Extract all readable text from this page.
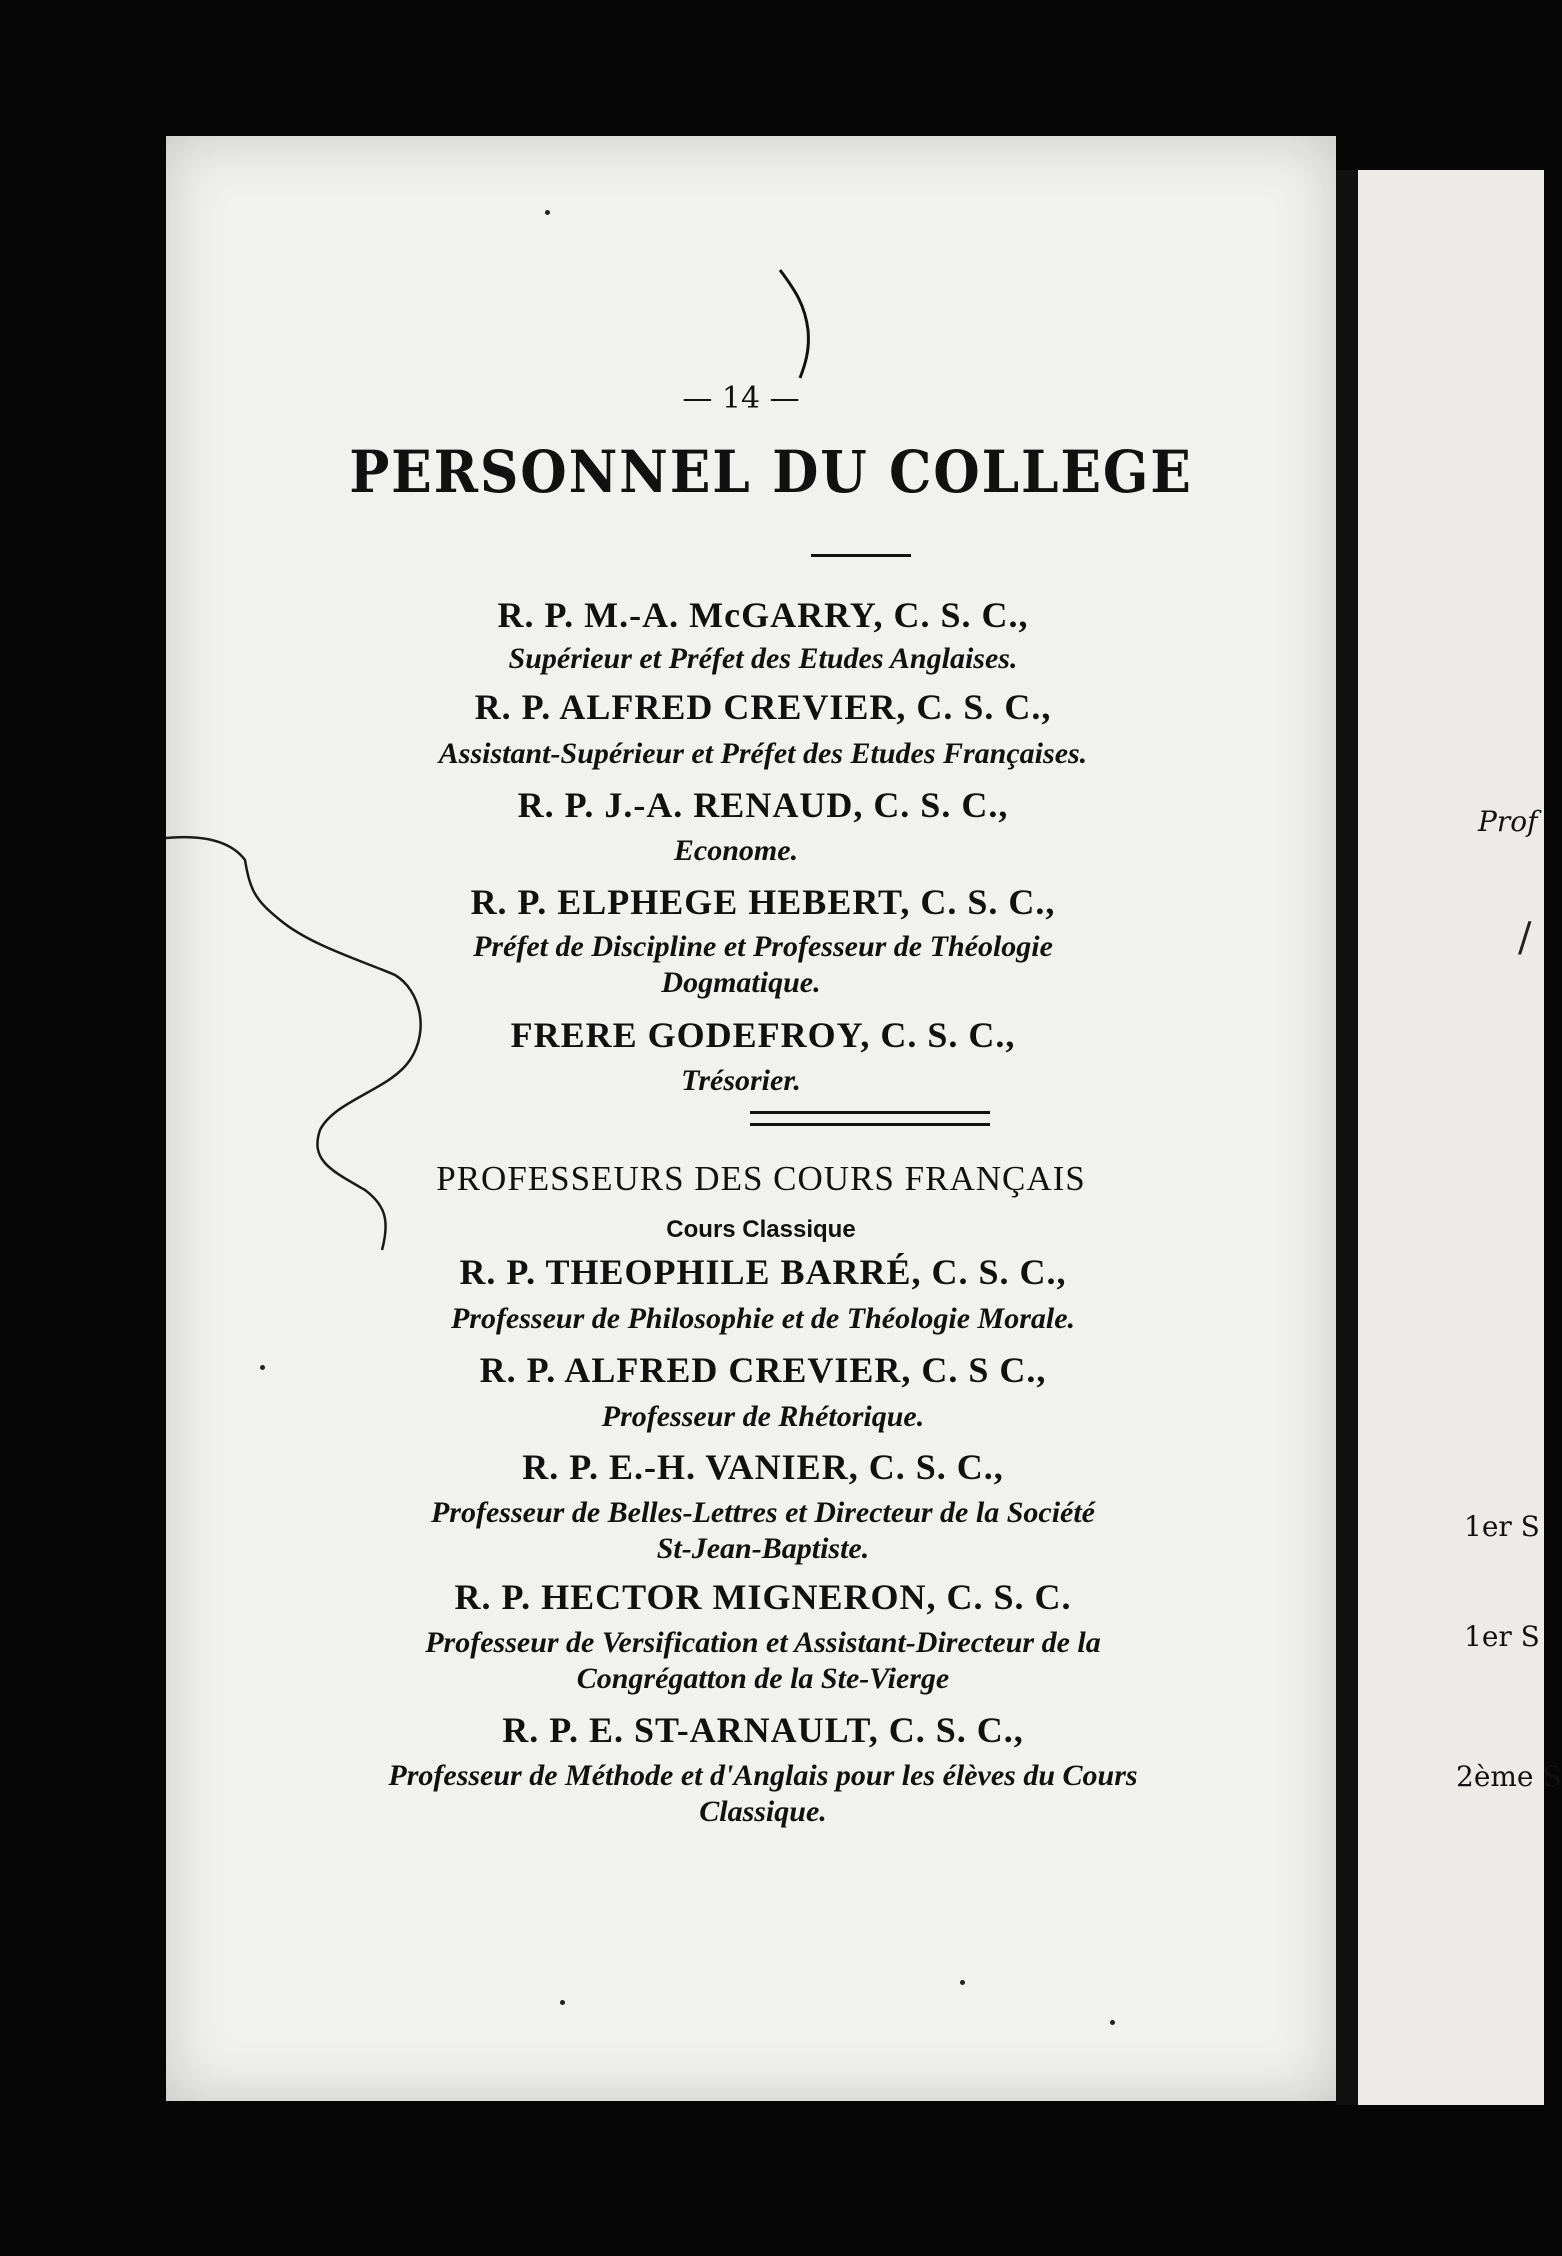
Prof
/
1er S
1er S
2ème S
— 14 —
PERSONNEL DU COLLEGE
R. P. M.-A. McGARRY, C. S. C.,
Supérieur et Préfet des Etudes Anglaises.
R. P. ALFRED CREVIER, C. S. C.,
Assistant-Supérieur et Préfet des Etudes Françaises.
R. P. J.-A. RENAUD, C. S. C.,
Econome.
R. P. ELPHEGE HEBERT, C. S. C.,
Préfet de Discipline et Professeur de Théologie
Dogmatique.
FRERE GODEFROY, C. S. C.,
Trésorier.
PROFESSEURS DES COURS FRANÇAIS
Cours Classique
R. P. THEOPHILE BARRÉ, C. S. C.,
Professeur de Philosophie et de Théologie Morale.
R. P. ALFRED CREVIER, C. S C.,
Professeur de Rhétorique.
R. P. E.-H. VANIER, C. S. C.,
Professeur de Belles-Lettres et Directeur de la Société
St-Jean-Baptiste.
R. P. HECTOR MIGNERON, C. S. C.
Professeur de Versification et Assistant-Directeur de la
Congrégatton de la Ste-Vierge
R. P. E. ST-ARNAULT, C. S. C.,
Professeur de Méthode et d'Anglais pour les élèves du Cours
Classique.
